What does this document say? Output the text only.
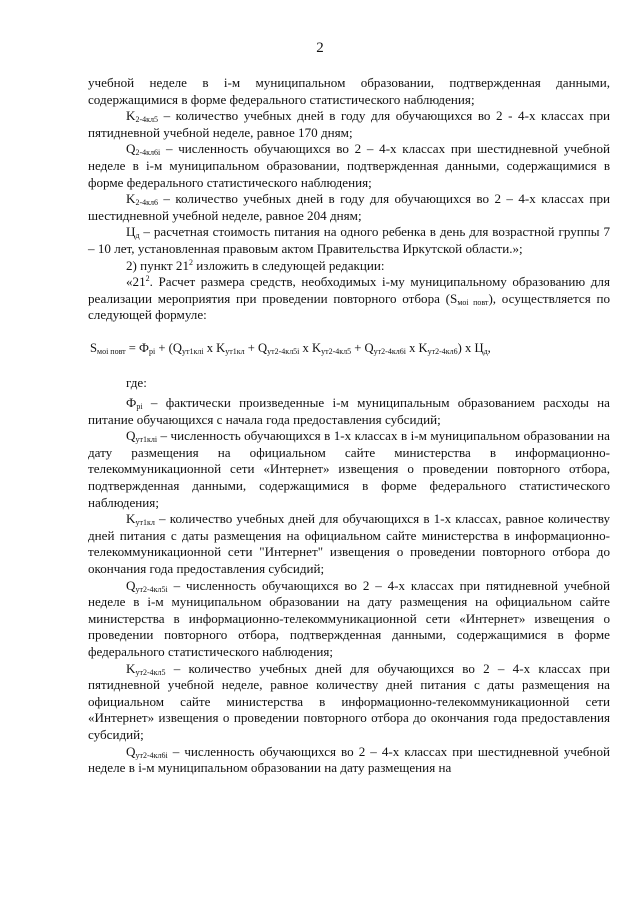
2

учебной неделе в i-м муниципальном образовании, подтвержденная данными, содержащимися в форме федерального статистического наблюдения;

$K_{2-4кл5}$ – количество учебных дней в году для обучающихся во 2 - 4-х классах при пятидневной учебной неделе, равное 170 дням;

$Q_{2-4кл6i}$ – численность обучающихся во 2 – 4-х классах при шестидневной учебной неделе в i-м муниципальном образовании, подтвержденная данными, содержащимися в форме федерального статистического наблюдения;

$K_{2-4кл6}$ – количество учебных дней в году для обучающихся во 2 – 4-х классах при шестидневной учебной неделе, равное 204 дням;

$Ц_д$ – расчетная стоимость питания на одного ребенка в день для возрастной группы 7 – 10 лет, установленная правовым актом Правительства Иркутской области.»;

2) пункт $21^2$ изложить в следующей редакции:

«$21^2$. Расчет размера средств, необходимых i-му муниципальному образованию для реализации мероприятия при проведении повторного отбора $(S_{моi повт})$, осуществляется по следующей формуле:

$S_{моi повт} = Ф_{pi} + (Q_{ут1клi}$ x $K_{ут1кл} + Q_{ут2-4кл5i}$ x $K_{ут2-4кл5} + Q_{ут2-4кл6i}$ x $K_{ут2-4кл6}$) x $Ц_д$,

где:

$Ф_{pi}$ – фактически произведенные i-м муниципальным образованием расходы на питание обучающихся с начала года предоставления субсидий;

$Q_{ут1клi}$ – численность обучающихся в 1-х классах в i-м муниципальном образовании на дату размещения на официальном сайте министерства в информационно-телекоммуникационной сети «Интернет» извещения о проведении повторного отбора, подтвержденная данными, содержащимися в форме федерального статистического наблюдения;

$K_{ут1кл}$ – количество учебных дней для обучающихся в 1-х классах, равное количеству дней питания с даты размещения на официальном сайте министерства в информационно-телекоммуникационной сети "Интернет" извещения о проведении повторного отбора до окончания года предоставления субсидий;

$Q_{ут2-4кл5i}$ – численность обучающихся во 2 – 4-х классах при пятидневной учебной неделе в i-м муниципальном образовании на дату размещения на официальном сайте министерства в информационно-телекоммуникационной сети «Интернет» извещения о проведении повторного отбора, подтвержденная данными, содержащимися в форме федерального статистического наблюдения;

$K_{ут2-4кл5}$ – количество учебных дней для обучающихся во 2 – 4-х классах при пятидневной учебной неделе, равное количеству дней питания с даты размещения на официальном сайте министерства в информационно-телекоммуникационной сети «Интернет» извещения о проведении повторного отбора до окончания года предоставления субсидий;

$Q_{ут2-4кл6i}$ – численность обучающихся во 2 – 4-х классах при шестидневной учебной неделе в i-м муниципальном образовании на дату размещения на
